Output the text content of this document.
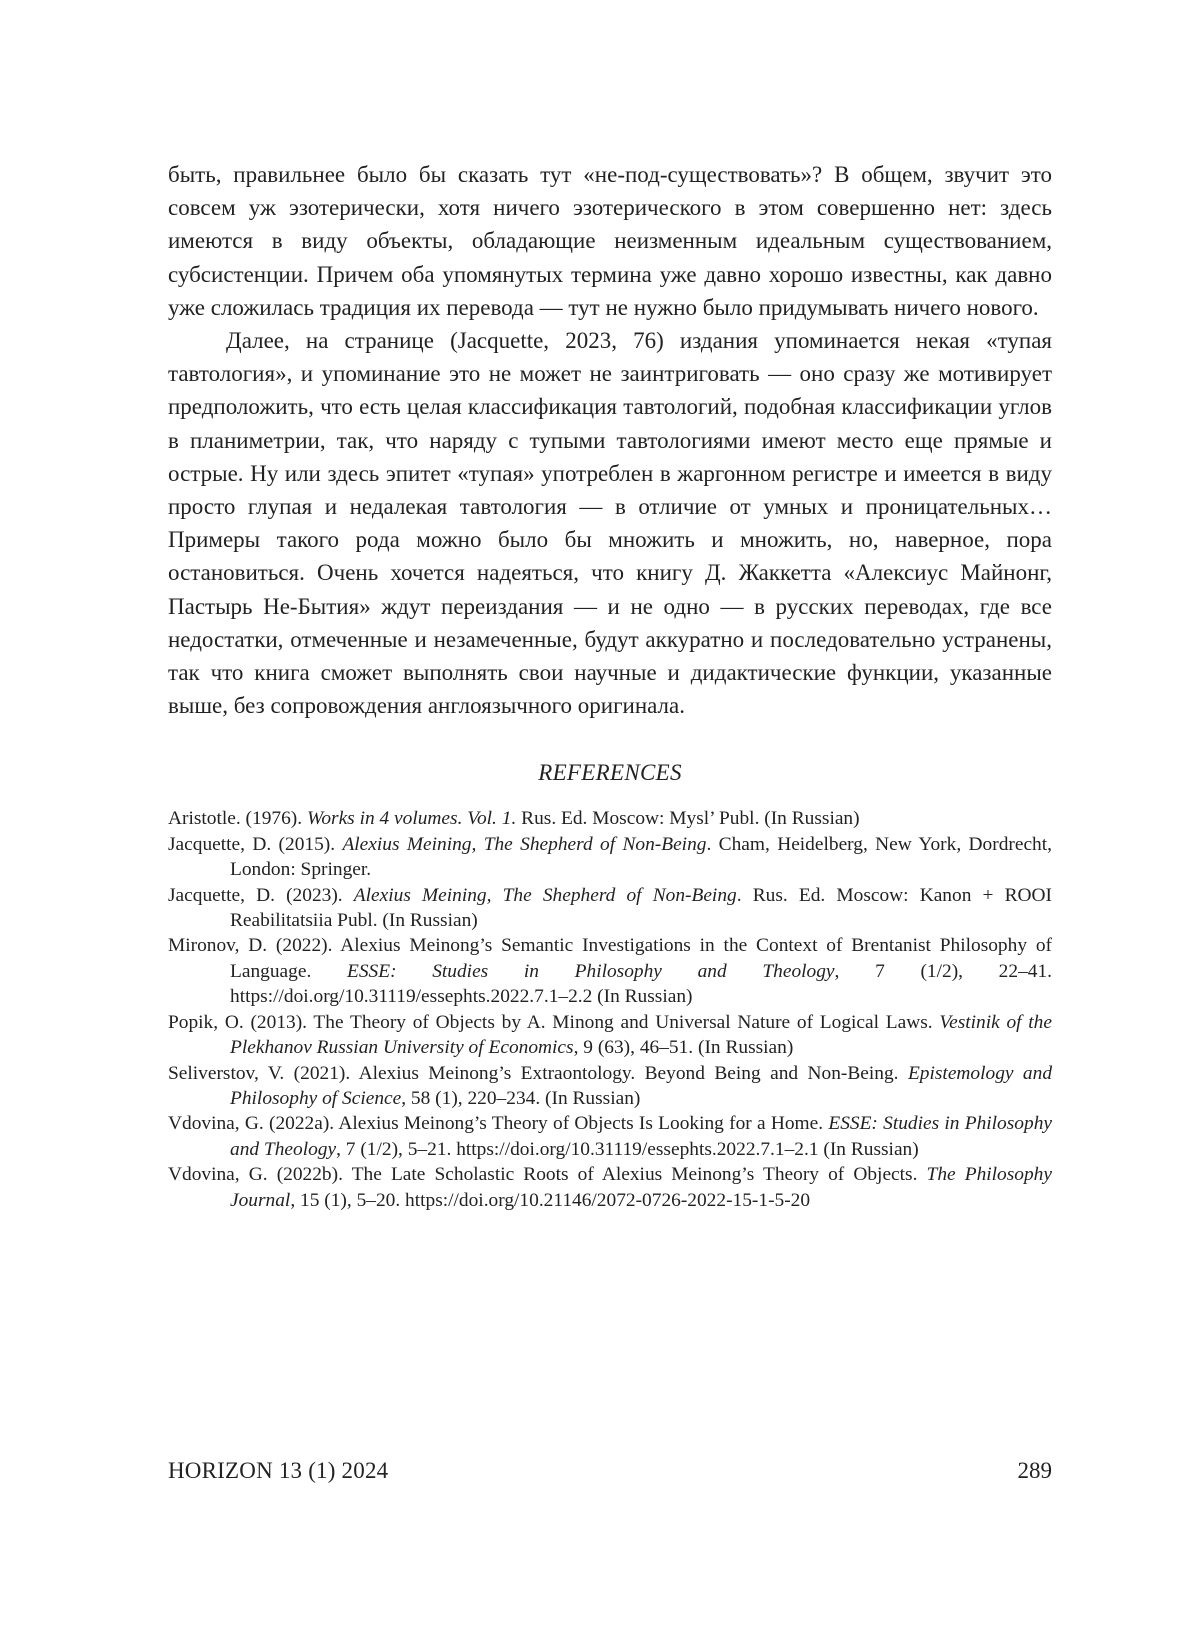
быть, правильнее было бы сказать тут «не-под-существовать»? В общем, звучит это совсем уж эзотерически, хотя ничего эзотерического в этом совершенно нет: здесь имеются в виду объекты, обладающие неизменным идеальным существованием, субсистенции. Причем оба упомянутых термина уже давно хорошо известны, как давно уже сложилась традиция их перевода — тут не нужно было придумывать ничего нового.

Далее, на странице (Jacquette, 2023, 76) издания упоминается некая «тупая тавтология», и упоминание это не может не заинтриговать — оно сразу же мотивирует предположить, что есть целая классификация тавтологий, подобная классификации углов в планиметрии, так, что наряду с тупыми тавтологиями имеют место еще прямые и острые. Ну или здесь эпитет «тупая» употреблен в жаргонном регистре и имеется в виду просто глупая и недалекая тавтология — в отличие от умных и проницательных… Примеры такого рода можно было бы множить и множить, но, наверное, пора остановиться. Очень хочется надеяться, что книгу Д. Жаккетта «Алексиус Майнонг, Пастырь Не-Бытия» ждут переиздания — и не одно — в русских переводах, где все недостатки, отмеченные и незамеченные, будут аккуратно и последовательно устранены, так что книга сможет выполнять свои научные и дидактические функции, указанные выше, без сопровождения англоязычного оригинала.

REFERENCES
Aristotle. (1976). Works in 4 volumes. Vol. 1. Rus. Ed. Moscow: Mysl’ Publ. (In Russian)
Jacquette, D. (2015). Alexius Meining, The Shepherd of Non-Being. Cham, Heidelberg, New York, Dordrecht, London: Springer.
Jacquette, D. (2023). Alexius Meining, The Shepherd of Non-Being. Rus. Ed. Moscow: Kanon + ROOI Reabilitatsiia Publ. (In Russian)
Mironov, D. (2022). Alexius Meinong’s Semantic Investigations in the Context of Brentanist Philosophy of Language. ESSE: Studies in Philosophy and Theology, 7 (1/2), 22–41. https://doi.org/10.31119/essephts.2022.7.1–2.2 (In Russian)
Popik, O. (2013). The Theory of Objects by A. Minong and Universal Nature of Logical Laws. Vestinik of the Plekhanov Russian University of Economics, 9 (63), 46–51. (In Russian)
Seliverstov, V. (2021). Alexius Meinong’s Extraontology. Beyond Being and Non-Being. Epistemology and Philosophy of Science, 58 (1), 220–234. (In Russian)
Vdovina, G. (2022a). Alexius Meinong’s Theory of Objects Is Looking for a Home. ESSE: Studies in Philosophy and Theology, 7 (1/2), 5–21. https://doi.org/10.31119/essephts.2022.7.1–2.1 (In Russian)
Vdovina, G. (2022b). The Late Scholastic Roots of Alexius Meinong’s Theory of Objects. The Philosophy Journal, 15 (1), 5–20. https://doi.org/10.21146/2072-0726-2022-15-1-5-20
HORIZON 13 (1) 2024	289
